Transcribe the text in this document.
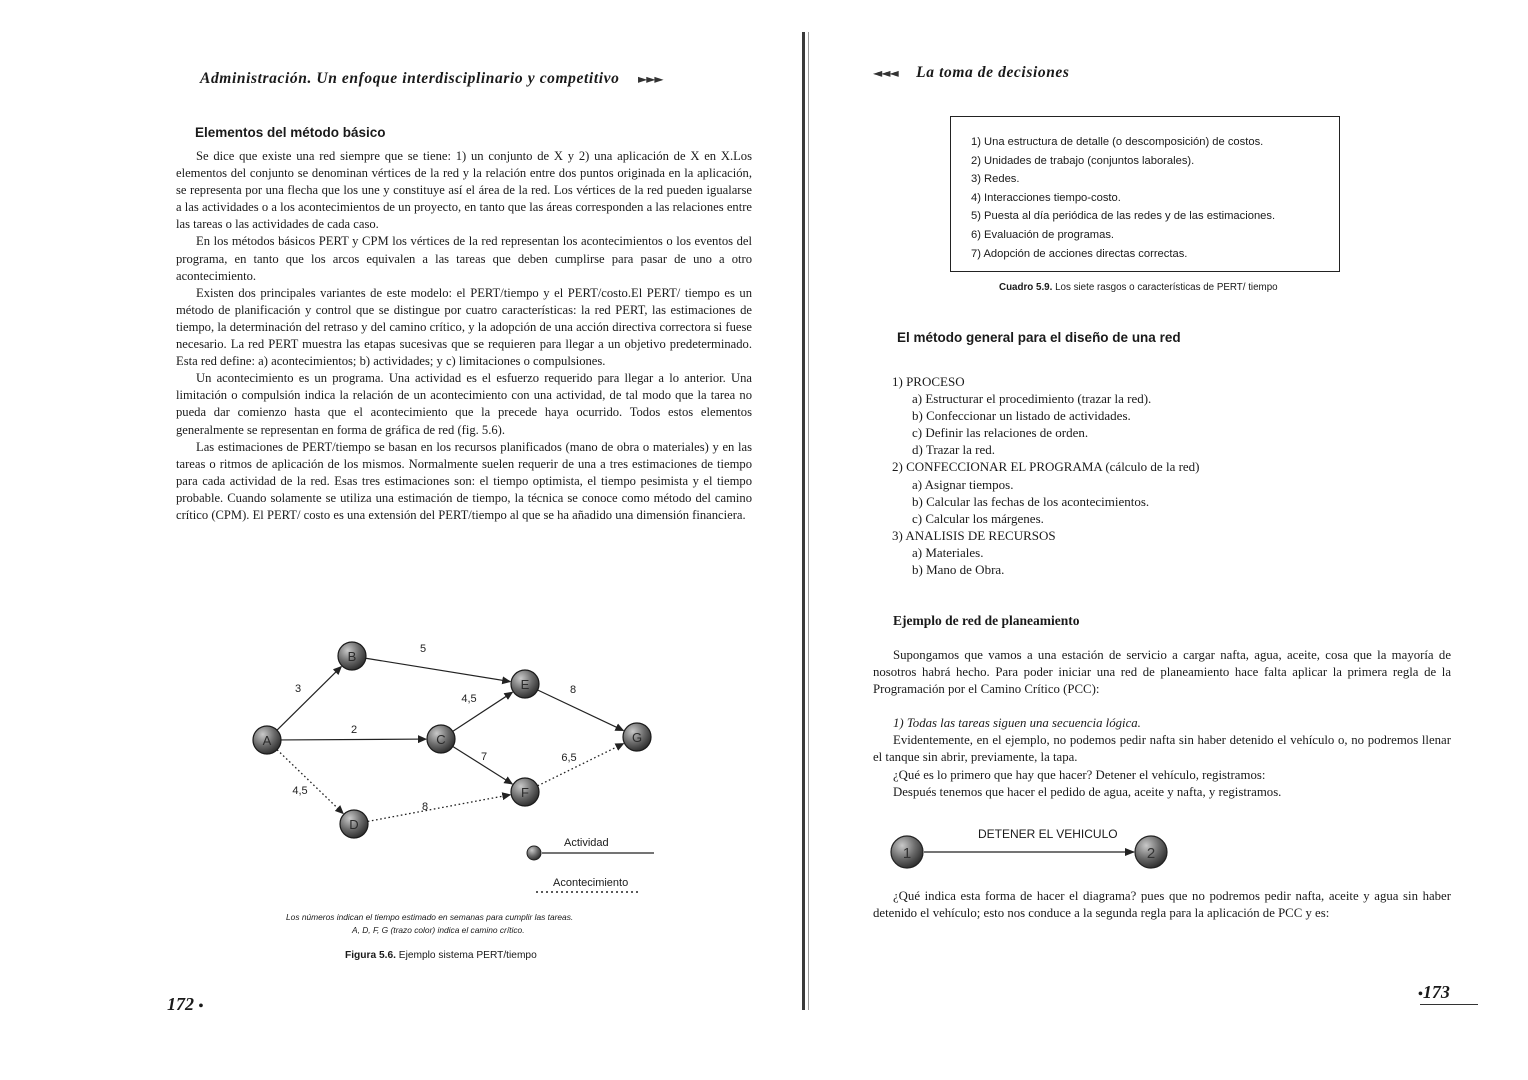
Administración. Un enfoque interdisciplinario y competitivo ►►►
Elementos del método básico

Se dice que existe una red siempre que se tiene: 1) un conjunto de X y 2) una aplicación de X en X.Los elementos del conjunto se denominan vértices de la red y la relación entre dos puntos originada en la aplicación, se representa por una flecha que los une y constituye así el área de la red. Los vértices de la red pueden igualarse a las actividades o a los acontecimientos de un proyecto, en tanto que las áreas corresponden a las relaciones entre las tareas o las actividades de cada caso.

En los métodos básicos PERT y CPM los vértices de la red representan los acontecimientos o los eventos del programa, en tanto que los arcos equivalen a las tareas que deben cumplirse para pasar de uno a otro acontecimiento.

Existen dos principales variantes de este modelo: el PERT/tiempo y el PERT/costo.El PERT/ tiempo es un método de planificación y control que se distingue por cuatro características: la red PERT, las estimaciones de tiempo, la determinación del retraso y del camino crítico, y la adopción de una acción directiva correctora si fuese necesario. La red PERT muestra las etapas sucesivas que se requieren para llegar a un objetivo predeterminado. Esta red define: a) acontecimientos; b) actividades; y c) limitaciones o compulsiones.

Un acontecimiento es un programa. Una actividad es el esfuerzo requerido para llegar a lo anterior. Una limitación o compulsión indica la relación de un acontecimiento con una actividad, de tal modo que la tarea no pueda dar comienzo hasta que el acontecimiento que la precede haya ocurrido. Todos estos elementos generalmente se representan en forma de gráfica de red (fig. 5.6).

Las estimaciones de PERT/tiempo se basan en los recursos planificados (mano de obra o materiales) y en las tareas o ritmos de aplicación de los mismos. Normalmente suelen requerir de una a tres estimaciones de tiempo para cada actividad de la red. Esas tres estimaciones son: el tiempo optimista, el tiempo pesimista y el tiempo probable. Cuando solamente se utiliza una estimación de tiempo, la técnica se conoce como método del camino crítico (CPM). El PERT/ costo es una extensión del PERT/tiempo al que se ha añadido una dimensión financiera.

3
2
4,5
5
4,5
7
8
8
6,5
A
B
C
D
E
F
G
Actividad
Acontecimiento
Los números indican el tiempo estimado en semanas para cumplir las tareas.
A, D, F, G (trazo color) indica el camino crítico.
Figura 5.6. Ejemplo sistema PERT/tiempo
172 •
◄◄◄ La toma de decisiones
1) Una estructura de detalle (o descomposición) de costos.
2) Unidades de trabajo (conjuntos laborales).
3) Redes.
4) Interacciones tiempo-costo.
5) Puesta al día periódica de las redes y de las estimaciones.
6) Evaluación de programas.
7) Adopción de acciones directas correctas.
Cuadro 5.9. Los siete rasgos o características de PERT/ tiempo
El método general para el diseño de una red
1) PROCESO
a) Estructurar el procedimiento (trazar la red).
b) Confeccionar un listado de actividades.
c) Definir las relaciones de orden.
d) Trazar la red.
2) CONFECCIONAR EL PROGRAMA (cálculo de la red)
a) Asignar tiempos.
b) Calcular las fechas de los acontecimientos.
c) Calcular los márgenes.
3) ANALISIS DE RECURSOS
a) Materiales.
b) Mano de Obra.
Ejemplo de red de planeamiento

Supongamos que vamos a una estación de servicio a cargar nafta, agua, aceite, cosa que la mayoría de nosotros habrá hecho. Para poder iniciar una red de planeamiento hace falta aplicar la primera regla de la Programación por el Camino Crítico (PCC):

1) Todas las tareas siguen una secuencia lógica.

Evidentemente, en el ejemplo, no podemos pedir nafta sin haber detenido el vehículo o, no podremos llenar el tanque sin abrir, previamente, la tapa.

¿Qué es lo primero que hay que hacer? Detener el vehículo, registramos:

Después tenemos que hacer el pedido de agua, aceite y nafta, y registramos.

1	2
DETENER EL VEHICULO

¿Qué indica esta forma de hacer el diagrama? pues que no podremos pedir nafta, aceite y agua sin haber detenido el vehículo; esto nos conduce a la segunda regla para la aplicación de PCC y es:

•173
